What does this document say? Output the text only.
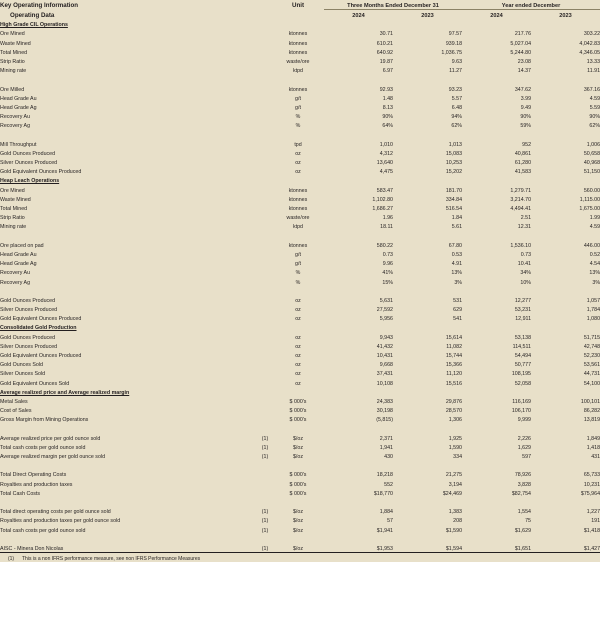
Key Operating Information		Unit	Three Months Ended December 31		Year ended December	
Operating Data			2024	2023	2024	2023
High Grade CIL Operations						
Ore Mined		ktonnes	30.71	97.57	217.76	303.22
Waste Mined		ktonnes	610.21	939.18	5,027.04	4,042.83
Total Mined		ktonnes	640.92	1,036.75	5,244.80	4,346.05
Strip Ratio		waste/ore	19.87	9.63	23.08	13.33
Mining rate		ktpd	6.97	11.27	14.37	11.91

Ore Milled		ktonnes	92.93	93.23	347.62	367.16
Head Grade Au		g/t	1.48	5.57	3.99	4.59
Head Grade Ag		g/t	8.13	6.48	9.49	5.59
Recovery Au		%	90%	94%	90%	90%
Recovery Ag		%	64%	62%	59%	62%

Mill Throughput		tpd	1,010	1,013	952	1,006
Gold Ounces Produced		oz	4,312	15,083	40,861	50,658
Silver Ounces Produced		oz	13,640	10,253	61,280	40,968
Gold Equivalent Ounces Produced		oz	4,475	15,202	41,583	51,150
Heap Leach Operations						
Ore Mined		ktonnes	583.47	181.70	1,279.71	560.00
Waste Mined		ktonnes	1,102.80	334.84	3,214.70	1,115.00
Total Mined		ktonnes	1,686.27	516.54	4,494.41	1,675.00
Strip Ratio		waste/ore	1.96	1.84	2.51	1.99
Mining rate		ktpd	18.11	5.61	12.31	4.59

Ore placed on pad		ktonnes	580.22	67.80	1,536.10	446.00
Head Grade Au		g/t	0.73	0.53	0.73	0.52
Head Grade Ag		g/t	9.96	4.91	10.41	4.54
Recovery Au		%	41%	13%	34%	13%
Recovery Ag		%	15%	3%	10%	3%

Gold Ounces Produced		oz	5,631	531	12,277	1,057
Silver Ounces Produced		oz	27,592	629	53,231	1,784
Gold Equivalent Ounces Produced		oz	5,956	541	12,911	1,080
Consolidated Gold Production						
Gold Ounces Produced		oz	9,943	15,614	53,138	51,715
Silver Ounces Produced		oz	41,432	11,082	114,511	42,748
Gold Equivalent Ounces Produced		oz	10,431	15,744	54,494	52,230
Gold Ounces Sold		oz	9,668	15,366	50,777	53,561
Silver Ounces Sold		oz	37,431	11,120	108,195	44,731
Gold Equivalent Ounces Sold		oz	10,108	15,516	52,058	54,100
Average realized price and Average realized margin						
Metal Sales		$ 000's	24,383	29,876	116,169	100,101
Cost of Sales		$ 000's	30,198	28,570	106,170	86,282
Gross Margin from Mining Operations		$ 000's	(5,815)	1,306	9,999	13,819

Average realized price per gold ounce sold	(1)	$/oz	2,371	1,925	2,226	1,849
Total cash costs per gold ounce sold	(1)	$/oz	1,941	1,590	1,629	1,418
Average realized margin per gold ounce sold	(1)	$/oz	430	334	597	431

Total Direct Operating Costs		$ 000's	18,218	21,275	78,926	65,733
Royalties and production taxes		$ 000's	552	3,194	3,828	10,231
Total Cash Costs		$ 000's	$18,770	$24,469	$82,754	$75,964

Total direct operating costs per gold ounce sold	(1)	$/oz	1,884	1,383	1,554	1,227
Royalties and production taxes per gold ounce sold	(1)	$/oz	57	208	75	191
Total cash costs per gold ounce sold	(1)	$/oz	$1,941	$1,590	$1,629	$1,418

AISC - Minera Don Nicolas	(1)	$/oz	$1,953	$1,594	$1,651	$1,427
(1) This is a non IFRS performance measure, see non IFRS Performance Measures						
